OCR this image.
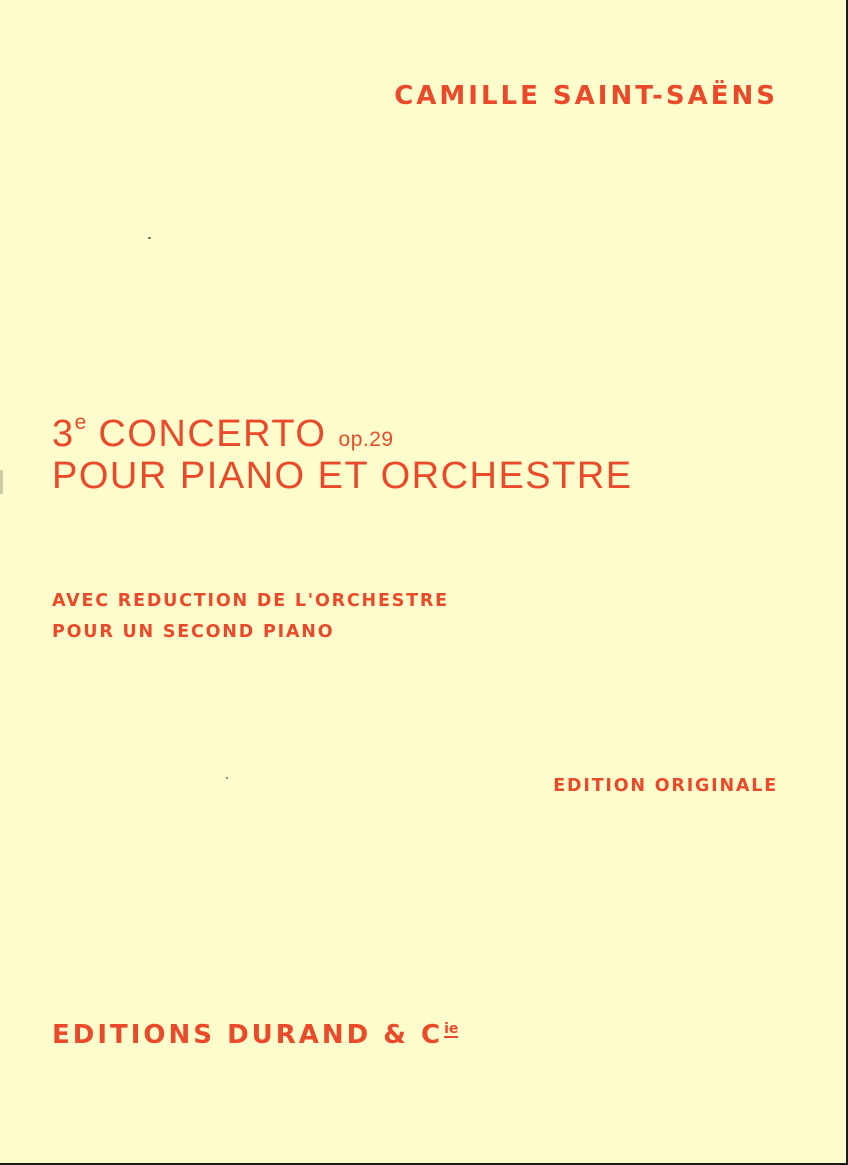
CAMILLE SAINT-SAËNS
3e CONCERTO op.29
POUR PIANO ET ORCHESTRE
AVEC REDUCTION DE L'ORCHESTRE
POUR UN SECOND PIANO
EDITION ORIGINALE
EDITIONS DURAND & Cie
